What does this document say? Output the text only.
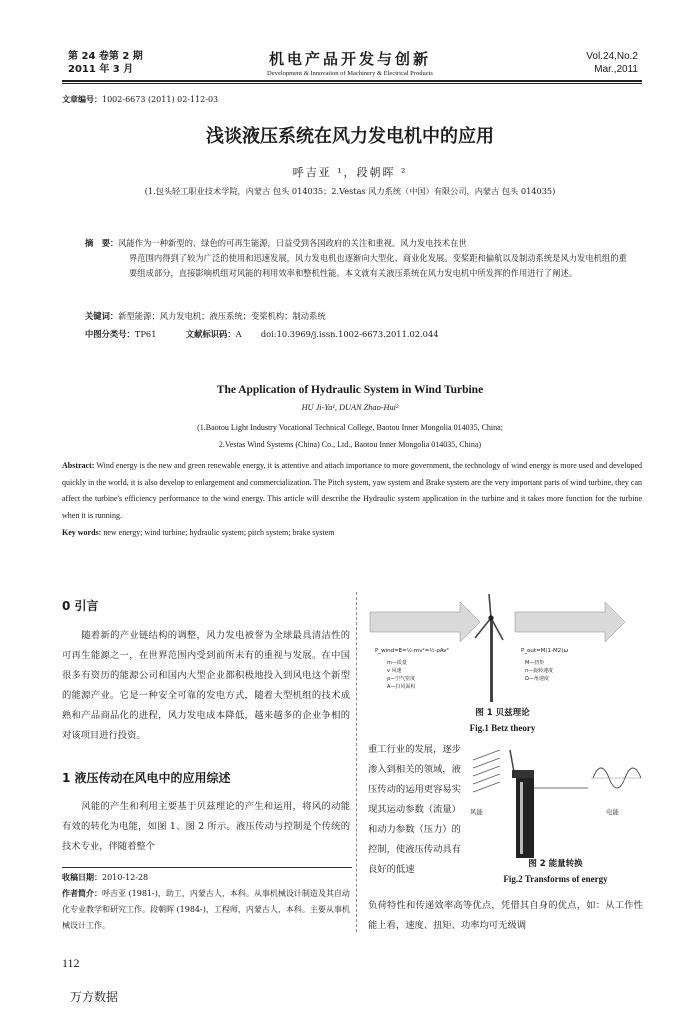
第 24 卷第 2 期
2011 年 3 月
机电产品开发与创新
Development & Innovation of Machinery & Electrical Products
Vol.24,No.2
Mar.,2011
文章编号：1002-6673 (2011) 02-112-03
浅谈液压系统在风力发电机中的应用
呼吉亚 ¹，段朝晖 ²
(1.包头轻工职业技术学院，内蒙古 包头 014035；2.Vestas 风力系统（中国）有限公司，内蒙古 包头 014035)
摘　要：风能作为一种新型的、绿色的可再生能源，日益受到各国政府的关注和重视。风力发电技术在世
界范围内得到了较为广泛的使用和迅速发展，风力发电机也逐渐向大型化、商业化发展。变桨距和偏航以及制动系统是风力发电机组的重要组成部分，直接影响机组对风能的利用效率和整机性能。本文就有关液压系统在风力发电机中所发挥的作用进行了阐述。
关键词：新型能源；风力发电机；液压系统；变桨机构；制动系统
中图分类号：TP61	文献标识码：A doi:10.3969/j.issn.1002-6673.2011.02.044
The Application of Hydraulic System in Wind Turbine
HU Ji-Ya¹, DUAN Zhao-Hui²
(1.Baotou Light Industry Vocational Technical College, Baotou Inner Mongolia 014035, China;
2.Vestas Wind Systems (China) Co., Ltd., Baotou Inner Mongolia 014035, China)
Abstract: Wind energy is the new and green renewable energy, it is attentive and attach importance to more government, the technology of wind energy is more used and developed quickly in the world, it is also develop to enlargement and commercialization. The Pitch system, yaw system and Brake system are the very important parts of wind turbine, they can affect the turbine's efficiency performance to the wind energy. This article will describe the Hydraulic system application in the turbine and it takes more function for the turbine when it is running.
Key words: new energy; wind turbine; hydraulic system; pitch system; brake system
0 引言
随着新的产业链结构的调整，风力发电被誉为全球最具清洁性的可再生能源之一，在世界范围内受到前所未有的重视与发展。在中国很多有资历的能源公司和国内大型企业都积极地投入到风电这个新型的能源产业。它是一种安全可靠的发电方式，随着大型机组的技术成熟和产品商品化的进程，风力发电成本降低，越来越多的企业争相的对该项目进行投资。
1 液压传动在风电中的应用综述
风能的产生和利用主要基于贝兹理论的产生和运用，将风的动能有效的转化为电能，如图 1、图 2 所示。液压传动与控制是个传统的技术专业，伴随着整个
收稿日期：2010-12-28
作者简介：呼吉亚 (1981-)，助工，内蒙古人，本科。从事机械设计制造及其自动化专业教学和研究工作。段朝晖 (1984-)，工程师，内蒙古人，本科。主要从事机械设计工作。
P_wind=E=½·mv²=½·ρAv³
m—质量
v 风速
ρ—空气密度
A—扫风面积
P_out=M(1-M2)ω
M—扭矩
n—旋转速度
Ω—角速度
图 1 贝兹理论
Fig.1 Betz theory
重工行业的发展，逐步渗入到相关的领域，液压传动的运用更容易实现其运动参数（流量）和动力参数（压力）的控制，使液压传动具有良好的低速
风能	电能
图 2 能量转换
Fig.2 Transforms of energy
负荷特性和传递效率高等优点，凭借其自身的优点，如：从工作性能上看，速度、扭矩、功率均可无级调
112
万方数据
